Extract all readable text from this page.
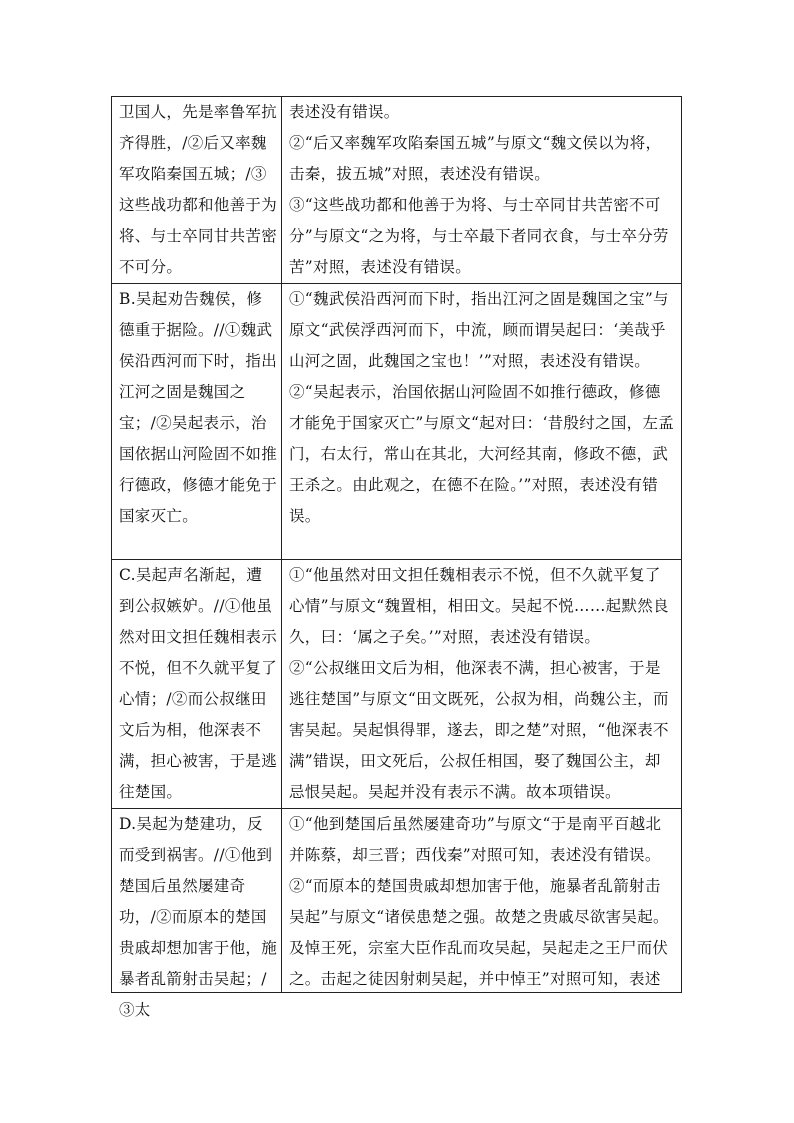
卫国人，先是率鲁军抗齐得胜，/②后又率魏军攻陷秦国五城；/③这些战功都和他善于为将、与士卒同甘共苦密不可分。	表述没有错误。
②“后又率魏军攻陷秦国五城”与原文“魏文侯以为将，击秦，拔五城”对照，表述没有错误。
③“这些战功都和他善于为将、与士卒同甘共苦密不可分”与原文“之为将，与士卒最下者同衣食，与士卒分劳苦”对照，表述没有错误。

B.吴起劝告魏侯，修德重于据险。//①魏武侯沿西河而下时，指出江河之固是魏国之宝；/②吴起表示，治国依据山河险固不如推行德政，修德才能免于国家灭亡。	①“魏武侯沿西河而下时，指出江河之固是魏国之宝”与原文“武侯浮西河而下，中流，顾而谓吴起曰：‘美哉乎山河之固，此魏国之宝也！’”对照，表述没有错误。
②“吴起表示，治国依据山河险固不如推行德政，修德才能免于国家灭亡”与原文“起对曰：‘昔殷纣之国，左孟门，右太行，常山在其北，大河经其南，修政不德，武王杀之。由此观之，在德不在险。’”对照，表述没有错误。

C.吴起声名渐起，遭到公叔嫉妒。//①他虽然对田文担任魏相表示不悦，但不久就平复了心情；/②而公叔继田文后为相，他深表不满，担心被害，于是逃往楚国。	①“他虽然对田文担任魏相表示不悦，但不久就平复了心情”与原文“魏置相，相田文。吴起不悦……起默然良久，曰：‘属之子矣。’”对照，表述没有错误。
②“公叔继田文后为相，他深表不满，担心被害，于是逃往楚国”与原文“田文既死，公叔为相，尚魏公主，而害吴起。吴起惧得罪，遂去，即之楚”对照，“他深表不满”错误，田文死后，公叔任相国，娶了魏国公主，却忌恨吴起。吴起并没有表示不满。故本项错误。

D.吴起为楚建功，反而受到祸害。//①他到楚国后虽然屡建奇功，/②而原本的楚国贵戚却想加害于他，施暴者乱箭射击吴起；/③太	①“他到楚国后虽然屡建奇功”与原文“于是南平百越北并陈蔡，却三晋；西伐秦”对照可知，表述没有错误。
②“而原本的楚国贵戚却想加害于他，施暴者乱箭射击吴起”与原文“诸侯患楚之强。故楚之贵戚尽欲害吴起。及悼王死，宗室大臣作乱而攻吴起，吴起走之王尸而伏之。击起之徒因射刺吴起，并中悼王”对照可知，表述
